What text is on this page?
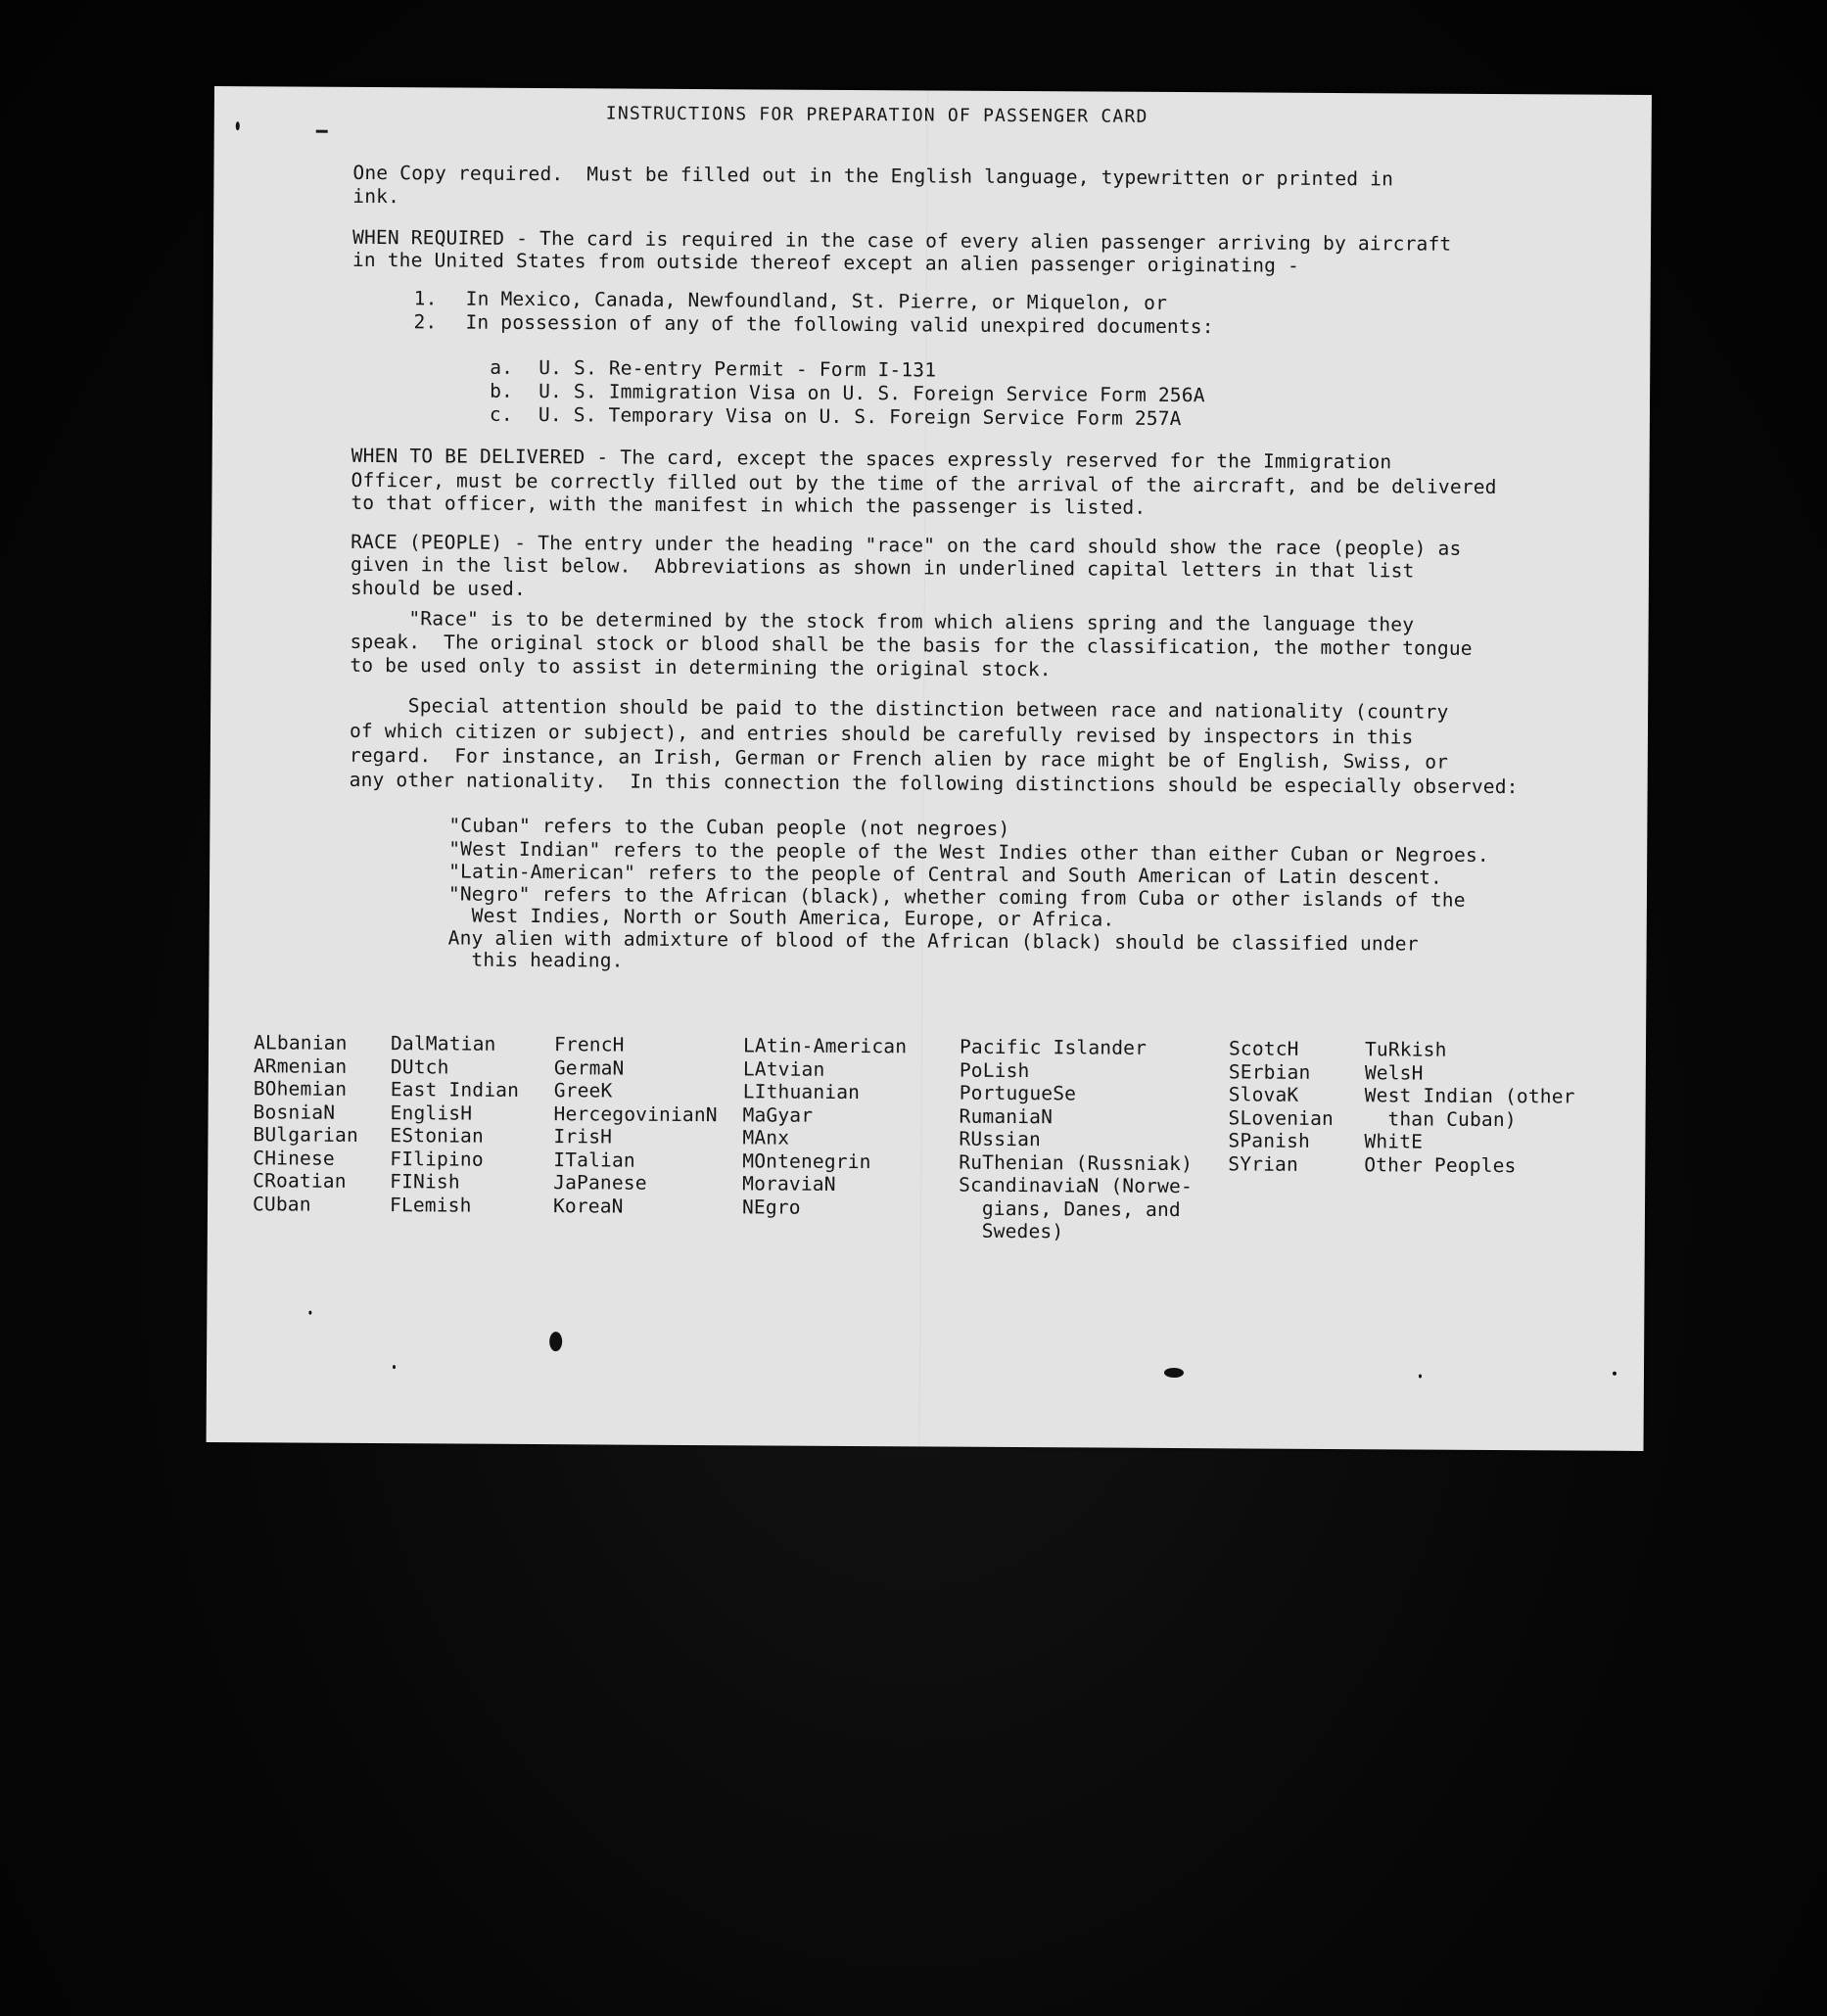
INSTRUCTIONS FOR PREPARATION OF PASSENGER CARD
One Copy required.  Must be filled out in the English language, typewritten or printed in
ink.
WHEN REQUIRED - The card is required in the case of every alien passenger arriving by aircraft
in the United States from outside thereof except an alien passenger originating -
1. In Mexico, Canada, Newfoundland, St. Pierre, or Miquelon, or
2. In possession of any of the following valid unexpired documents:
a. U. S. Re-entry Permit - Form I-131
b. U. S. Immigration Visa on U. S. Foreign Service Form 256A
c. U. S. Temporary Visa on U. S. Foreign Service Form 257A
WHEN TO BE DELIVERED - The card, except the spaces expressly reserved for the Immigration
Officer, must be correctly filled out by the time of the arrival of the aircraft, and be delivered
to that officer, with the manifest in which the passenger is listed.
RACE (PEOPLE) - The entry under the heading "race" on the card should show the race (people) as
given in the list below.  Abbreviations as shown in underlined capital letters in that list
should be used.
"Race" is to be determined by the stock from which aliens spring and the language they
speak.  The original stock or blood shall be the basis for the classification, the mother tongue
to be used only to assist in determining the original stock.
Special attention should be paid to the distinction between race and nationality (country
of which citizen or subject), and entries should be carefully revised by inspectors in this
regard.  For instance, an Irish, German or French alien by race might be of English, Swiss, or
any other nationality.  In this connection the following distinctions should be especially observed:
"Cuban" refers to the Cuban people (not negroes)
"West Indian" refers to the people of the West Indies other than either Cuban or Negroes.
"Latin-American" refers to the people of Central and South American of Latin descent.
"Negro" refers to the African (black), whether coming from Cuba or other islands of the
West Indies, North or South America, Europe, or Africa.
Any alien with admixture of blood of the African (black) should be classified under
this heading.
ALbanian
ARmenian
BOhemian
BosniaN
BUlgarian
CHinese
CRoatian
CUban
DalMatian
DUtch
East Indian
EnglisH
EStonian
FIlipino
FINish
FLemish
FrencH
GermaN
GreeK
HercegovinianN
IrisH
ITalian
JaPanese
KoreaN
LAtin-American
LAtvian
LIthuanian
MaGyar
MAnx
MOntenegrin
MoraviaN
NEgro
Pacific Islander
PoLish
PortugueSe
RumaniaN
RUssian
RuThenian (Russniak)
ScandinaviaN (Norwe-
gians, Danes, and
Swedes)
ScotcH
SErbian
SlovaK
SLovenian
SPanish
SYrian
TuRkish
WelsH
West Indian (other
than Cuban)
WhitE
Other Peoples
